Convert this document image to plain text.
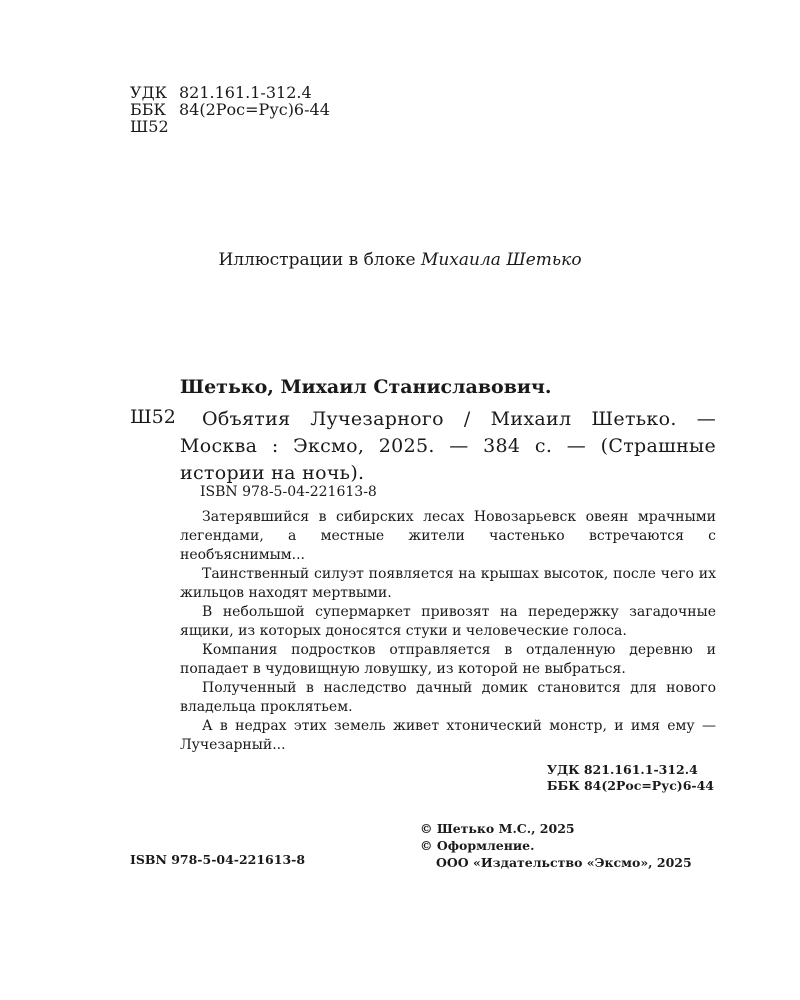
УДК 821.161.1-312.4
ББК 84(2Рос=Рус)6-44
Ш52
Иллюстрации в блоке Михаила Шетько
Шетько, Михаил Станиславович.
Ш52	Объятия Лучезарного / Михаил Шетько. — Москва : Эксмо, 2025. — 384 с. — (Страшные истории на ночь).
ISBN 978-5-04-221613-8

Затерявшийся в сибирских лесах Новозарьевск овеян мрачными легендами, а местные жители частенько встречаются с необъяснимым...

Таинственный силуэт появляется на крышах высоток, после чего их жильцов находят мертвыми.

В небольшой супермаркет привозят на передержку загадочные ящики, из которых доносятся стуки и человеческие голоса.

Компания подростков отправляется в отдаленную деревню и попадает в чудовищную ловушку, из которой не выбраться.

Полученный в наследство дачный домик становится для нового владельца проклятьем.

А в недрах этих земель живет хтонический монстр, и имя ему — Лучезарный...

УДК 821.161.1-312.4
ББК 84(2Рос=Рус)6-44
ISBN 978-5-04-221613-8
© Шетько М.С., 2025
© Оформление.
ООО «Издательство «Эксмо», 2025
